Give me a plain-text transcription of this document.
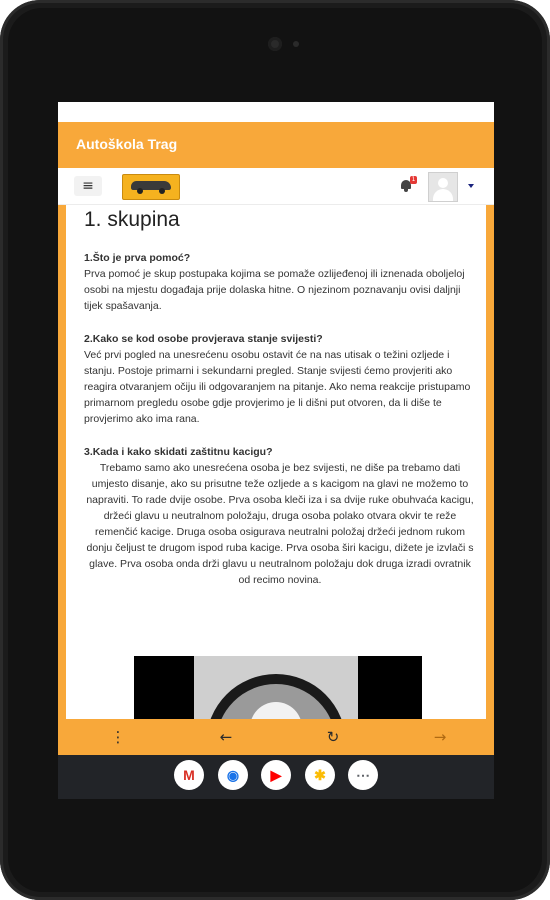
Autoškola Trag
≡	1
1. skupina
1.Što je prva pomoć?

Prva pomoć je skup postupaka kojima se pomaže ozlijeđenoj ili iznenada oboljeloj osobi na mjestu događaja prije dolaska hitne. O njezinom poznavanju ovisi daljnji tijek spašavanja.

2.Kako se kod osobe provjerava stanje svijesti?

Već prvi pogled na unesrećenu osobu ostavit će na nas utisak o težini ozljede i stanju. Postoje primarni i sekundarni pregled. Stanje svijesti ćemo provjeriti ako reagira otvaranjem očiju ili odgovaranjem na pitanje. Ako nema reakcije pristupamo primarnom pregledu osobe gdje provjerimo je li dišni put otvoren, da li diše te provjerimo ako ima rana.

3.Kada i kako skidati zaštitnu kacigu?

Trebamo samo ako unesrećena osoba je bez svijesti, ne diše pa trebamo dati umjesto disanje, ako su prisutne teže ozljede a s kacigom na glavi ne možemo to napraviti. To rade dvije osobe. Prva osoba kleči iza i sa dvije ruke obuhvaća kacigu, držeći glavu u neutralnom položaju, druga osoba polako otvara okvir te reže remenčić kacige. Druga osoba osigurava neutralni položaj držeći jednom rukom donju čeljust te drugom ispod ruba kacige. Prva osoba širi kacigu, dižete je izvlači s glave. Prva osoba onda drži glavu u neutralnom položaju dok druga izradi ovratnik od recimo novina.

⋮	←	↻	→
M	◉	▶	✱	⋯
